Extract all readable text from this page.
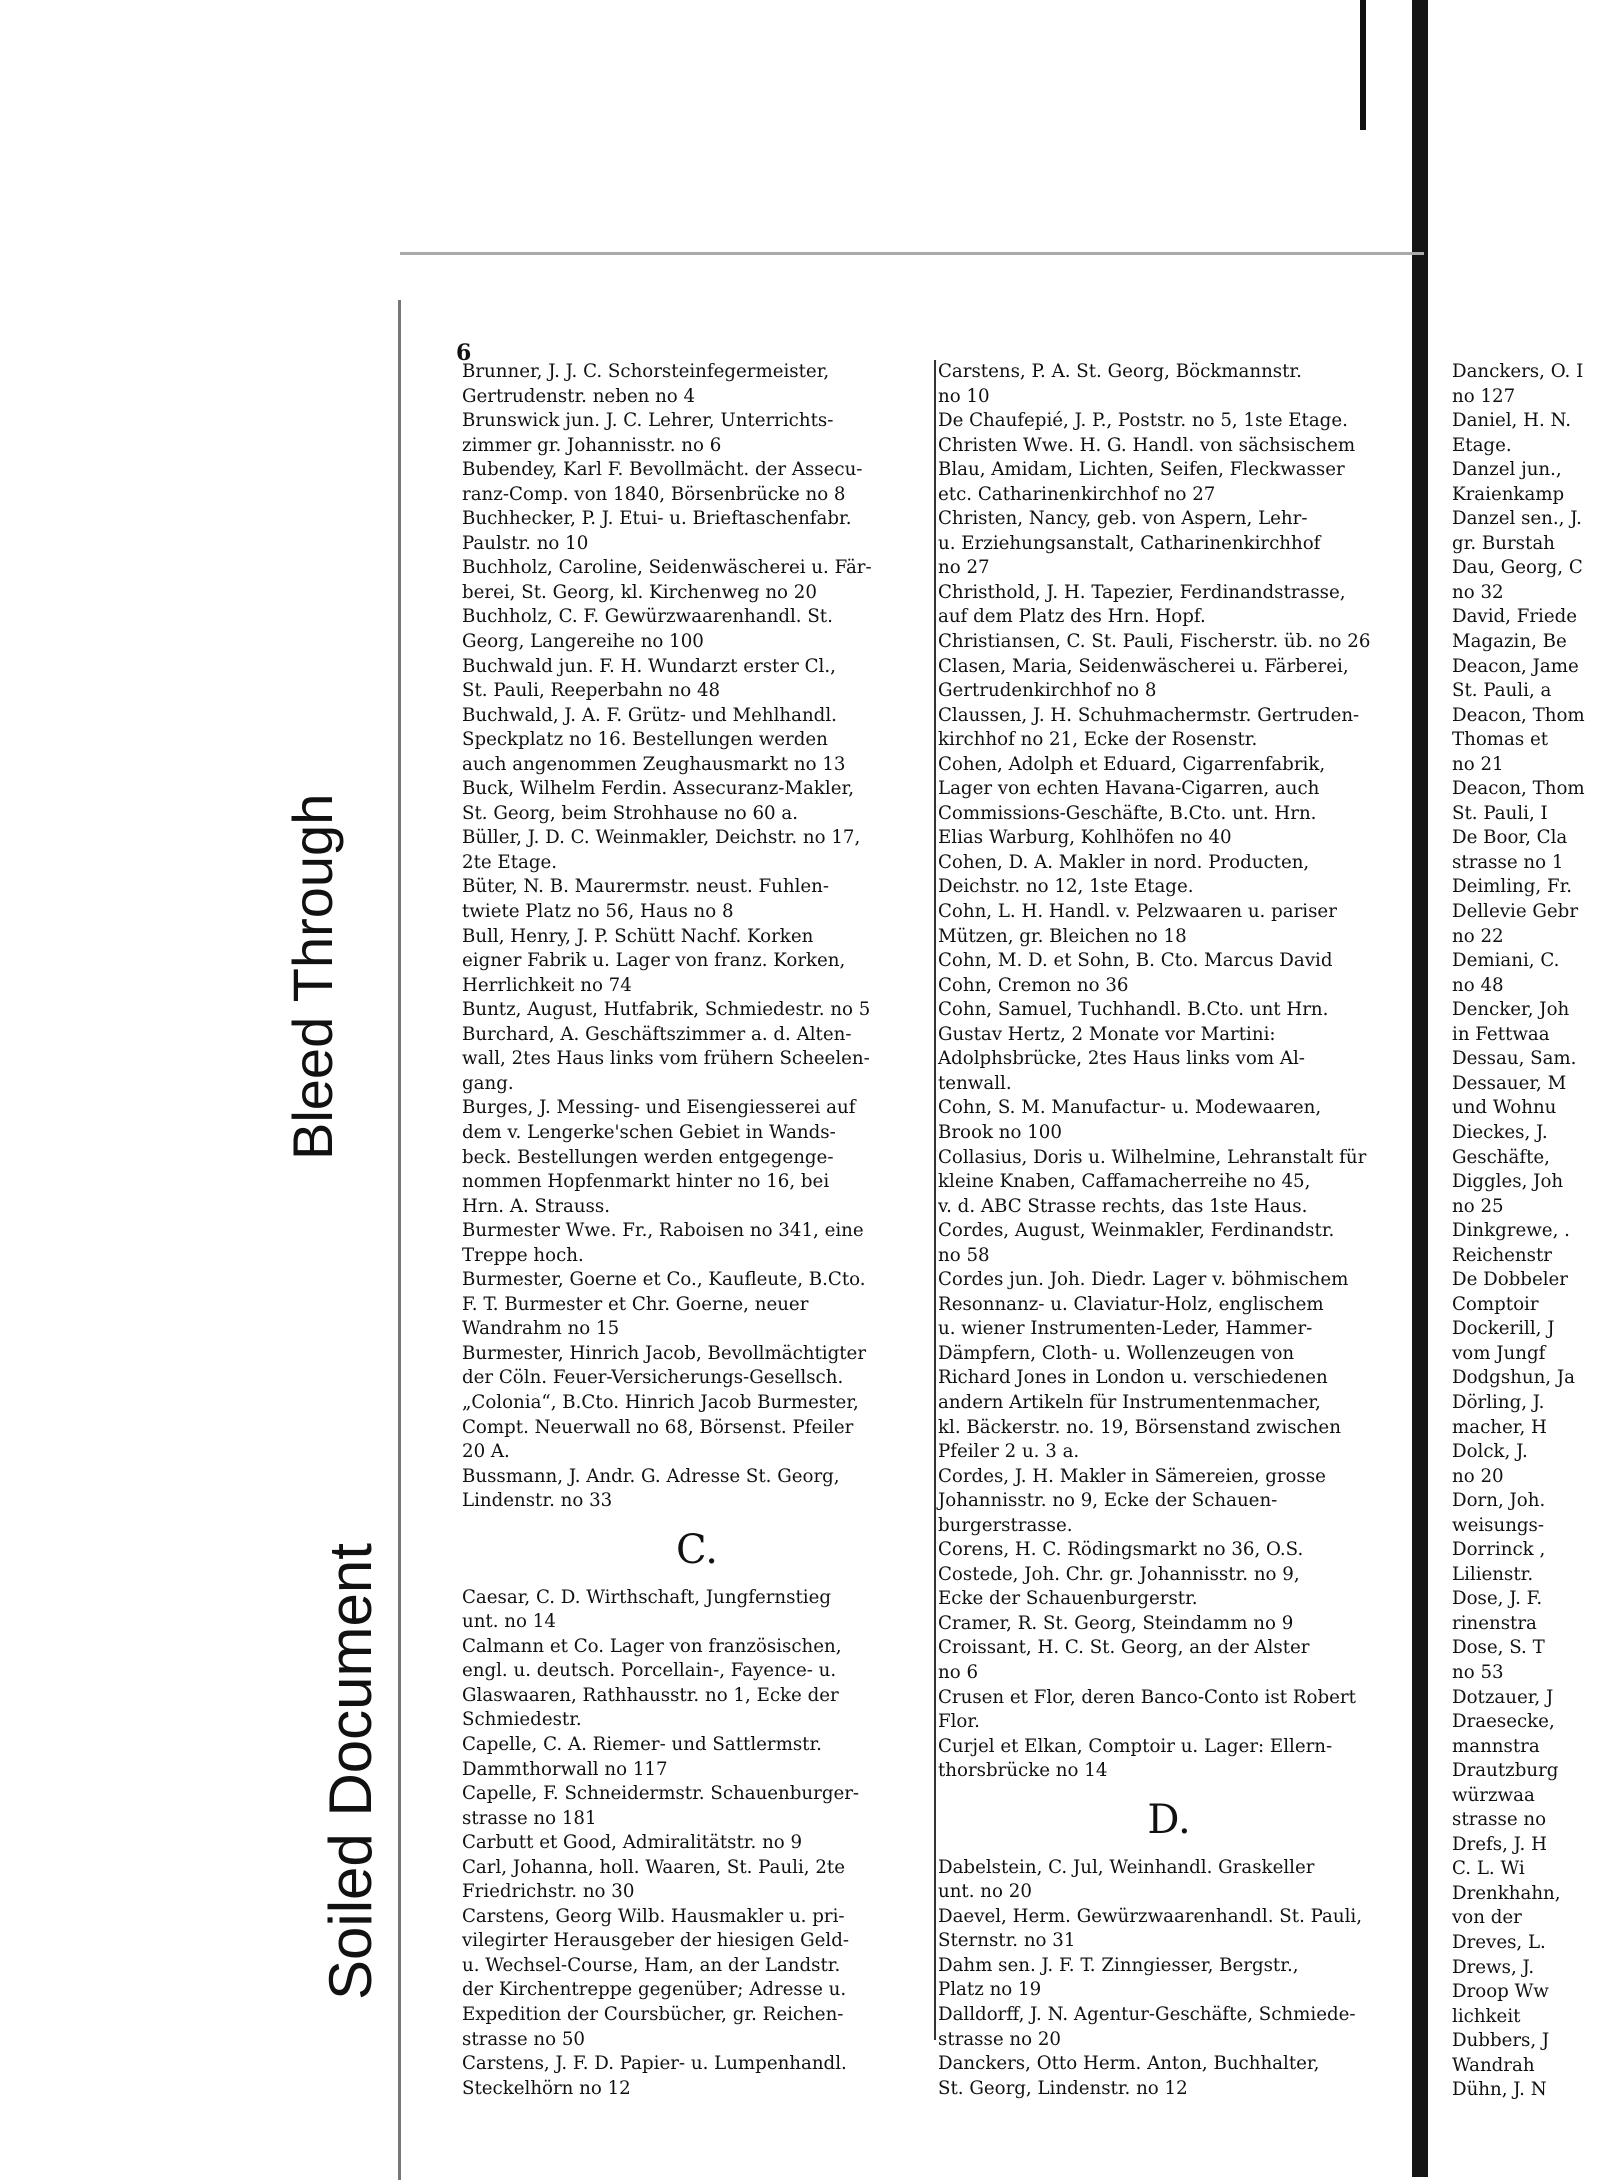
6
Bleed Through
Soiled Document
Brunner, J. J. C. Schorsteinfegermeister,
Gertrudenstr. neben no 4
Brunswick jun. J. C. Lehrer, Unterrichts-
zimmer gr. Johannisstr. no 6
Bubendey, Karl F. Bevollmächt. der Assecu-
ranz-Comp. von 1840, Börsenbrücke no 8
Buchhecker, P. J. Etui- u. Brieftaschenfabr.
Paulstr. no 10
Buchholz, Caroline, Seidenwäscherei u. Fär-
berei, St. Georg, kl. Kirchenweg no 20
Buchholz, C. F. Gewürzwaarenhandl. St.
Georg, Langereihe no 100
Buchwald jun. F. H. Wundarzt erster Cl.,
St. Pauli, Reeperbahn no 48
Buchwald, J. A. F. Grütz- und Mehlhandl.
Speckplatz no 16. Bestellungen werden
auch angenommen Zeughausmarkt no 13
Buck, Wilhelm Ferdin. Assecuranz-Makler,
St. Georg, beim Strohhause no 60 a.
Büller, J. D. C. Weinmakler, Deichstr. no 17,
2te Etage.
Büter, N. B. Maurermstr. neust. Fuhlen-
twiete Platz no 56, Haus no 8
Bull, Henry, J. P. Schütt Nachf. Korken
eigner Fabrik u. Lager von franz. Korken,
Herrlichkeit no 74
Buntz, August, Hutfabrik, Schmiedestr. no 5
Burchard, A. Geschäftszimmer a. d. Alten-
wall, 2tes Haus links vom frühern Scheelen-
gang.
Burges, J. Messing- und Eisengiesserei auf
dem v. Lengerke'schen Gebiet in Wands-
beck. Bestellungen werden entgegenge-
nommen Hopfenmarkt hinter no 16, bei
Hrn. A. Strauss.
Burmester Wwe. Fr., Raboisen no 341, eine
Treppe hoch.
Burmester, Goerne et Co., Kaufleute, B.Cto.
F. T. Burmester et Chr. Goerne, neuer
Wandrahm no 15
Burmester, Hinrich Jacob, Bevollmächtigter
der Cöln. Feuer-Versicherungs-Gesellsch.
„Colonia“, B.Cto. Hinrich Jacob Burmester,
Compt. Neuerwall no 68, Börsenst. Pfeiler
20 A.
Bussmann, J. Andr. G. Adresse St. Georg,
Lindenstr. no 33
C.
Caesar, C. D. Wirthschaft, Jungfernstieg
unt. no 14
Calmann et Co. Lager von französischen,
engl. u. deutsch. Porcellain-, Fayence- u.
Glaswaaren, Rathhausstr. no 1, Ecke der
Schmiedestr.
Capelle, C. A. Riemer- und Sattlermstr.
Dammthorwall no 117
Capelle, F. Schneidermstr. Schauenburger-
strasse no 181
Carbutt et Good, Admiralitätstr. no 9
Carl, Johanna, holl. Waaren, St. Pauli, 2te
Friedrichstr. no 30
Carstens, Georg Wilb. Hausmakler u. pri-
vilegirter Herausgeber der hiesigen Geld-
u. Wechsel-Course, Ham, an der Landstr.
der Kirchentreppe gegenüber; Adresse u.
Expedition der Coursbücher, gr. Reichen-
strasse no 50
Carstens, J. F. D. Papier- u. Lumpenhandl.
Steckelhörn no 12
Carstens, P. A. St. Georg, Böckmannstr.
no 10
De Chaufepié, J. P., Poststr. no 5, 1ste Etage.
Christen Wwe. H. G. Handl. von sächsischem
Blau, Amidam, Lichten, Seifen, Fleckwasser
etc. Catharinenkirchhof no 27
Christen, Nancy, geb. von Aspern, Lehr-
u. Erziehungsanstalt, Catharinenkirchhof
no 27
Christhold, J. H. Tapezier, Ferdinandstrasse,
auf dem Platz des Hrn. Hopf.
Christiansen, C. St. Pauli, Fischerstr. üb. no 26
Clasen, Maria, Seidenwäscherei u. Färberei,
Gertrudenkirchhof no 8
Claussen, J. H. Schuhmachermstr. Gertruden-
kirchhof no 21, Ecke der Rosenstr.
Cohen, Adolph et Eduard, Cigarrenfabrik,
Lager von echten Havana-Cigarren, auch
Commissions-Geschäfte, B.Cto. unt. Hrn.
Elias Warburg, Kohlhöfen no 40
Cohen, D. A. Makler in nord. Producten,
Deichstr. no 12, 1ste Etage.
Cohn, L. H. Handl. v. Pelzwaaren u. pariser
Mützen, gr. Bleichen no 18
Cohn, M. D. et Sohn, B. Cto. Marcus David
Cohn, Cremon no 36
Cohn, Samuel, Tuchhandl. B.Cto. unt Hrn.
Gustav Hertz, 2 Monate vor Martini:
Adolphsbrücke, 2tes Haus links vom Al-
tenwall.
Cohn, S. M. Manufactur- u. Modewaaren,
Brook no 100
Collasius, Doris u. Wilhelmine, Lehranstalt für
kleine Knaben, Caffamacherreihe no 45,
v. d. ABC Strasse rechts, das 1ste Haus.
Cordes, August, Weinmakler, Ferdinandstr.
no 58
Cordes jun. Joh. Diedr. Lager v. böhmischem
Resonnanz- u. Claviatur-Holz, englischem
u. wiener Instrumenten-Leder, Hammer-
Dämpfern, Cloth- u. Wollenzeugen von
Richard Jones in London u. verschiedenen
andern Artikeln für Instrumentenmacher,
kl. Bäckerstr. no. 19, Börsenstand zwischen
Pfeiler 2 u. 3 a.
Cordes, J. H. Makler in Sämereien, grosse
Johannisstr. no 9, Ecke der Schauen-
burgerstrasse.
Corens, H. C. Rödingsmarkt no 36, O.S.
Costede, Joh. Chr. gr. Johannisstr. no 9,
Ecke der Schauenburgerstr.
Cramer, R. St. Georg, Steindamm no 9
Croissant, H. C. St. Georg, an der Alster
no 6
Crusen et Flor, deren Banco-Conto ist Robert
Flor.
Curjel et Elkan, Comptoir u. Lager: Ellern-
thorsbrücke no 14
D.
Dabelstein, C. Jul, Weinhandl. Graskeller
unt. no 20
Daevel, Herm. Gewürzwaarenhandl. St. Pauli,
Sternstr. no 31
Dahm sen. J. F. T. Zinngiesser, Bergstr.,
Platz no 19
Dalldorff, J. N. Agentur-Geschäfte, Schmiede-
strasse no 20
Danckers, Otto Herm. Anton, Buchhalter,
St. Georg, Lindenstr. no 12
Danckers, O. I
no 127
Daniel, H. N.
Etage.
Danzel jun.,
Kraienkamp
Danzel sen., J.
gr. Burstah
Dau, Georg, C
no 32
David, Friede
Magazin, Be
Deacon, Jame
St. Pauli, a
Deacon, Thom
Thomas et
no 21
Deacon, Thom
St. Pauli, I
De Boor, Cla
strasse no 1
Deimling, Fr.
Dellevie Gebr
no 22
Demiani, C.
no 48
Dencker, Joh
in Fettwaa
Dessau, Sam.
Dessauer, M
und Wohnu
Dieckes, J.
Geschäfte,
Diggles, Joh
no 25
Dinkgrewe, .
Reichenstr
De Dobbeler
Comptoir
Dockerill, J
vom Jungf
Dodgshun, Ja
Dörling, J.
macher, H
Dolck, J.
no 20
Dorn, Joh.
weisungs-
Dorrinck ,
Lilienstr.
Dose, J. F.
rinenstra
Dose, S. T
no 53
Dotzauer, J
Draesecke,
mannstra
Drautzburg
würzwaa
strasse no
Drefs, J. H
C. L. Wi
Drenkhahn,
von der
Dreves, L.
Drews, J.
Droop Ww
lichkeit
Dubbers, J
Wandrah
Dühn, J. N
